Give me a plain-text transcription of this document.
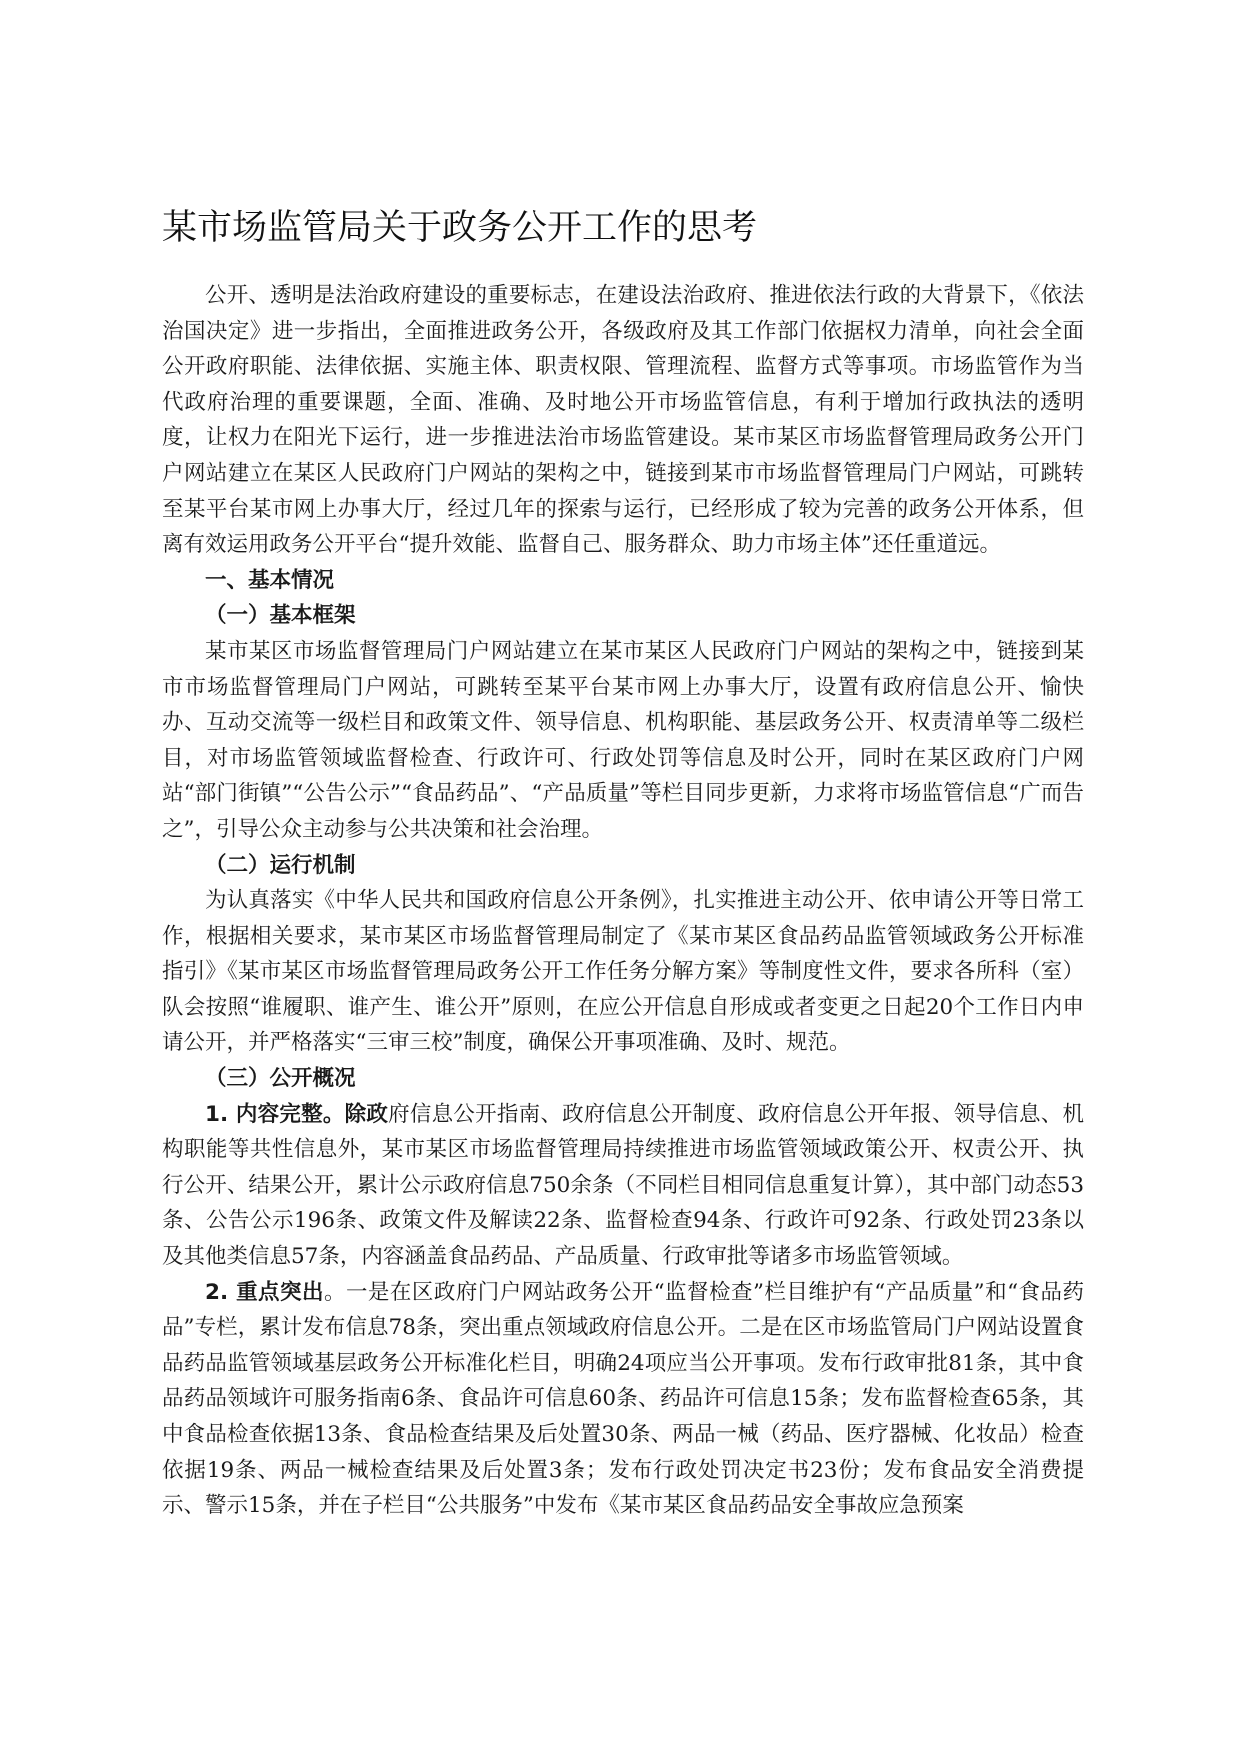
某市场监管局关于政务公开工作的思考

公开、透明是法治政府建设的重要标志，在建设法治政府、推进依法行政的大背景下，《依法治国决定》进一步指出，全面推进政务公开，各级政府及其工作部门依据权力清单，向社会全面公开政府职能、法律依据、实施主体、职责权限、管理流程、监督方式等事项。市场监管作为当代政府治理的重要课题，全面、准确、及时地公开市场监管信息，有利于增加行政执法的透明度，让权力在阳光下运行，进一步推进法治市场监管建设。某市某区市场监督管理局政务公开门户网站建立在某区人民政府门户网站的架构之中，链接到某市市场监督管理局门户网站，可跳转至某平台某市网上办事大厅，经过几年的探索与运行，已经形成了较为完善的政务公开体系，但离有效运用政务公开平台“提升效能、监督自己、服务群众、助力市场主体”还任重道远。

一、基本情况

（一）基本框架

某市某区市场监督管理局门户网站建立在某市某区人民政府门户网站的架构之中，链接到某市市场监督管理局门户网站，可跳转至某平台某市网上办事大厅，设置有政府信息公开、愉快办、互动交流等一级栏目和政策文件、领导信息、机构职能、基层政务公开、权责清单等二级栏目，对市场监管领域监督检查、行政许可、行政处罚等信息及时公开，同时在某区政府门户网站“部门街镇”“公告公示”“食品药品”、“产品质量”等栏目同步更新，力求将市场监管信息“广而告之”，引导公众主动参与公共决策和社会治理。

（二）运行机制

为认真落实《中华人民共和国政府信息公开条例》，扎实推进主动公开、依申请公开等日常工作，根据相关要求，某市某区市场监督管理局制定了《某市某区食品药品监管领域政务公开标准指引》《某市某区市场监督管理局政务公开工作任务分解方案》等制度性文件，要求各所科（室）队会按照“谁履职、谁产生、谁公开”原则，在应公开信息自形成或者变更之日起20个工作日内申请公开，并严格落实“三审三校”制度，确保公开事项准确、及时、规范。

（三）公开概况

1. 内容完整。除政府信息公开指南、政府信息公开制度、政府信息公开年报、领导信息、机构职能等共性信息外，某市某区市场监督管理局持续推进市场监管领域政策公开、权责公开、执行公开、结果公开，累计公示政府信息750余条（不同栏目相同信息重复计算），其中部门动态53条、公告公示196条、政策文件及解读22条、监督检查94条、行政许可92条、行政处罚23条以及其他类信息57条，内容涵盖食品药品、产品质量、行政审批等诸多市场监管领域。

2. 重点突出。一是在区政府门户网站政务公开“监督检查”栏目维护有“产品质量”和“食品药品”专栏，累计发布信息78条，突出重点领域政府信息公开。二是在区市场监管局门户网站设置食品药品监管领域基层政务公开标准化栏目，明确24项应当公开事项。发布行政审批81条，其中食品药品领域许可服务指南6条、食品许可信息60条、药品许可信息15条；发布监督检查65条，其中食品检查依据13条、食品检查结果及后处置30条、两品一械（药品、医疗器械、化妆品）检查依据19条、两品一械检查结果及后处置3条；发布行政处罚决定书23份；发布食品安全消费提示、警示15条，并在子栏目“公共服务”中发布《某市某区食品药品安全事故应急预案
